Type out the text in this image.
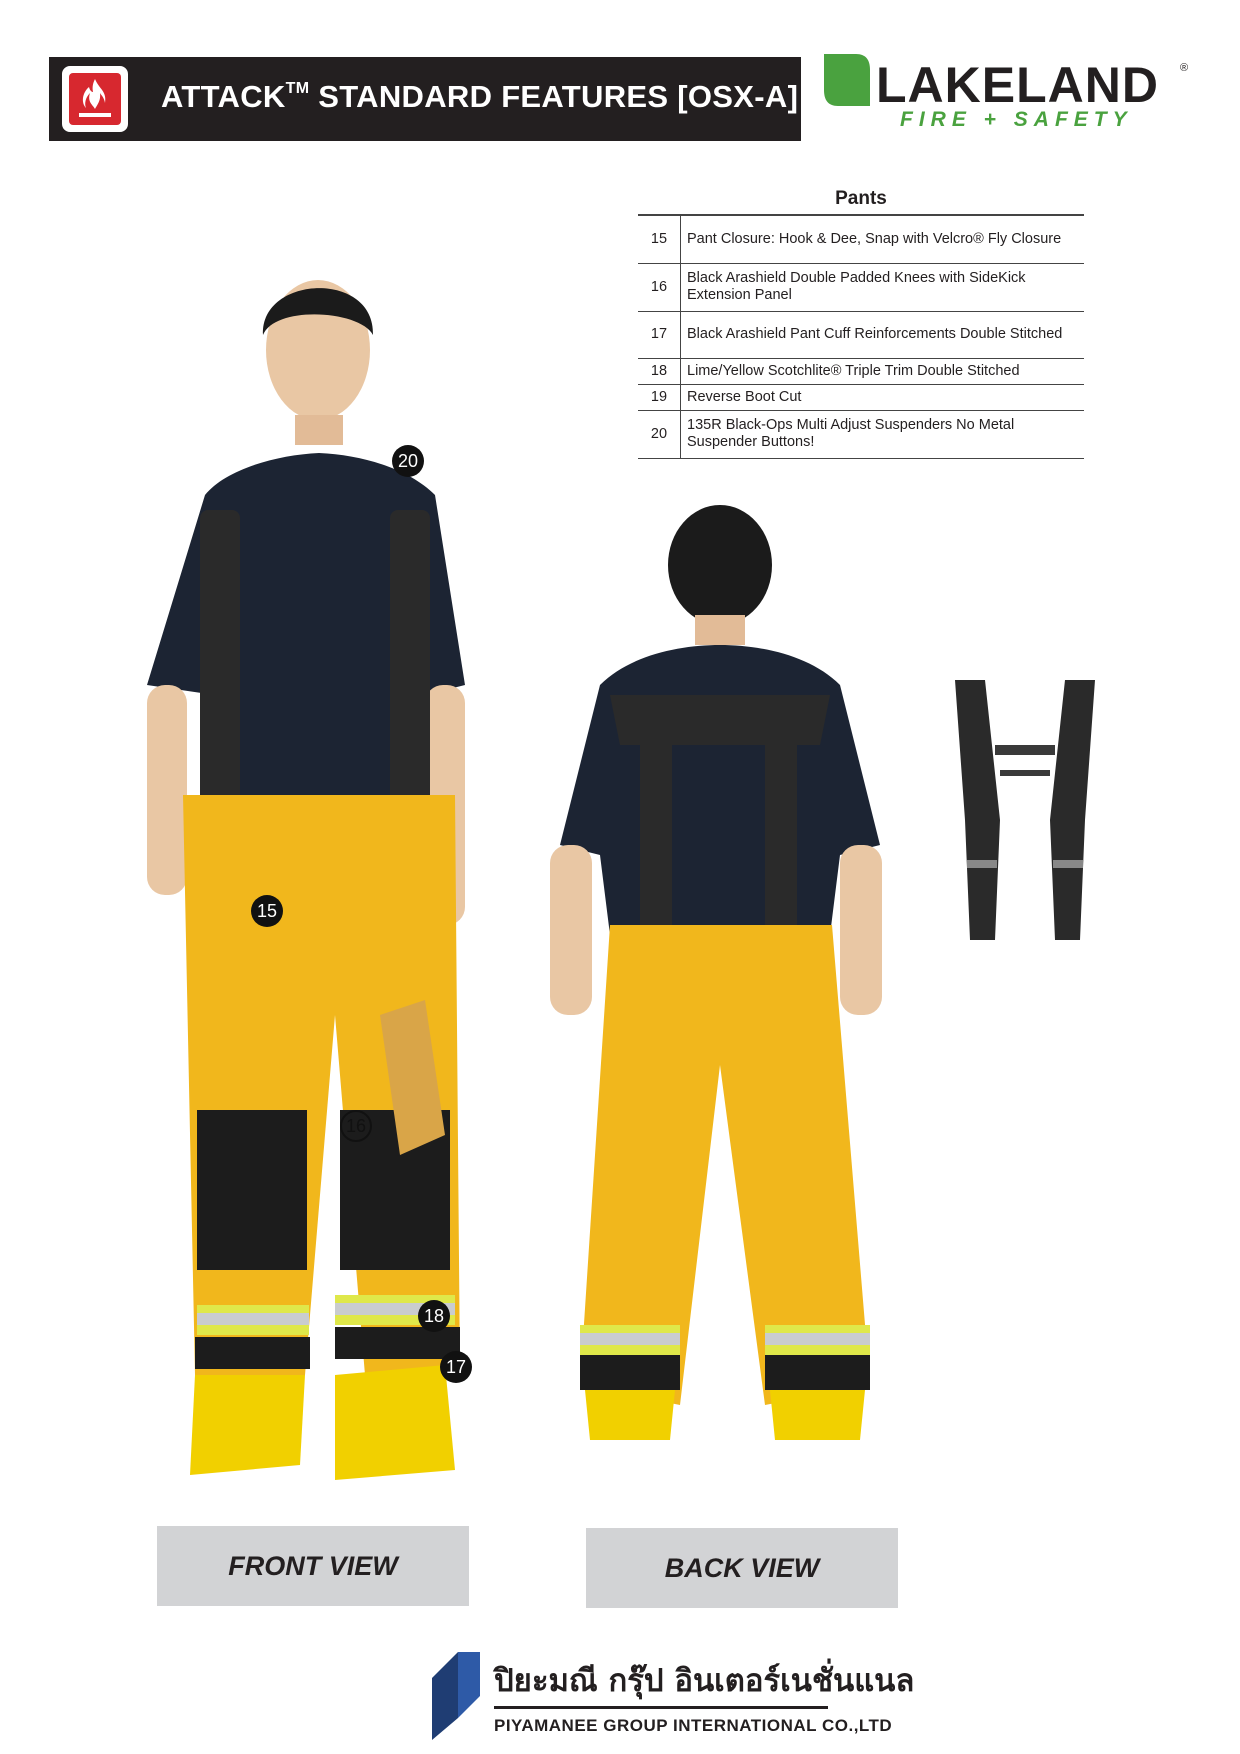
ATTACK™ STANDARD FEATURES [OSX-A] LAKELAND ®
FIRE + SAFETY
Pants
15	Pant Closure: Hook & Dee, Snap with Velcro® Fly Closure
16	Black Arashield Double Padded Knees with SideKick Extension Panel
17	Black Arashield Pant Cuff Reinforcements Double Stitched
18	Lime/Yellow Scotchlite® Triple Trim Double Stitched
19	Reverse Boot Cut
20	135R Black-Ops Multi Adjust Suspenders No Metal Suspender Buttons!
20
15
16
18
17
FRONT VIEW	BACK VIEW
ปิยะมณี กรุ๊ป อินเตอร์เนชั่นแนล
PIYAMANEE GROUP INTERNATIONAL CO.,LTD
